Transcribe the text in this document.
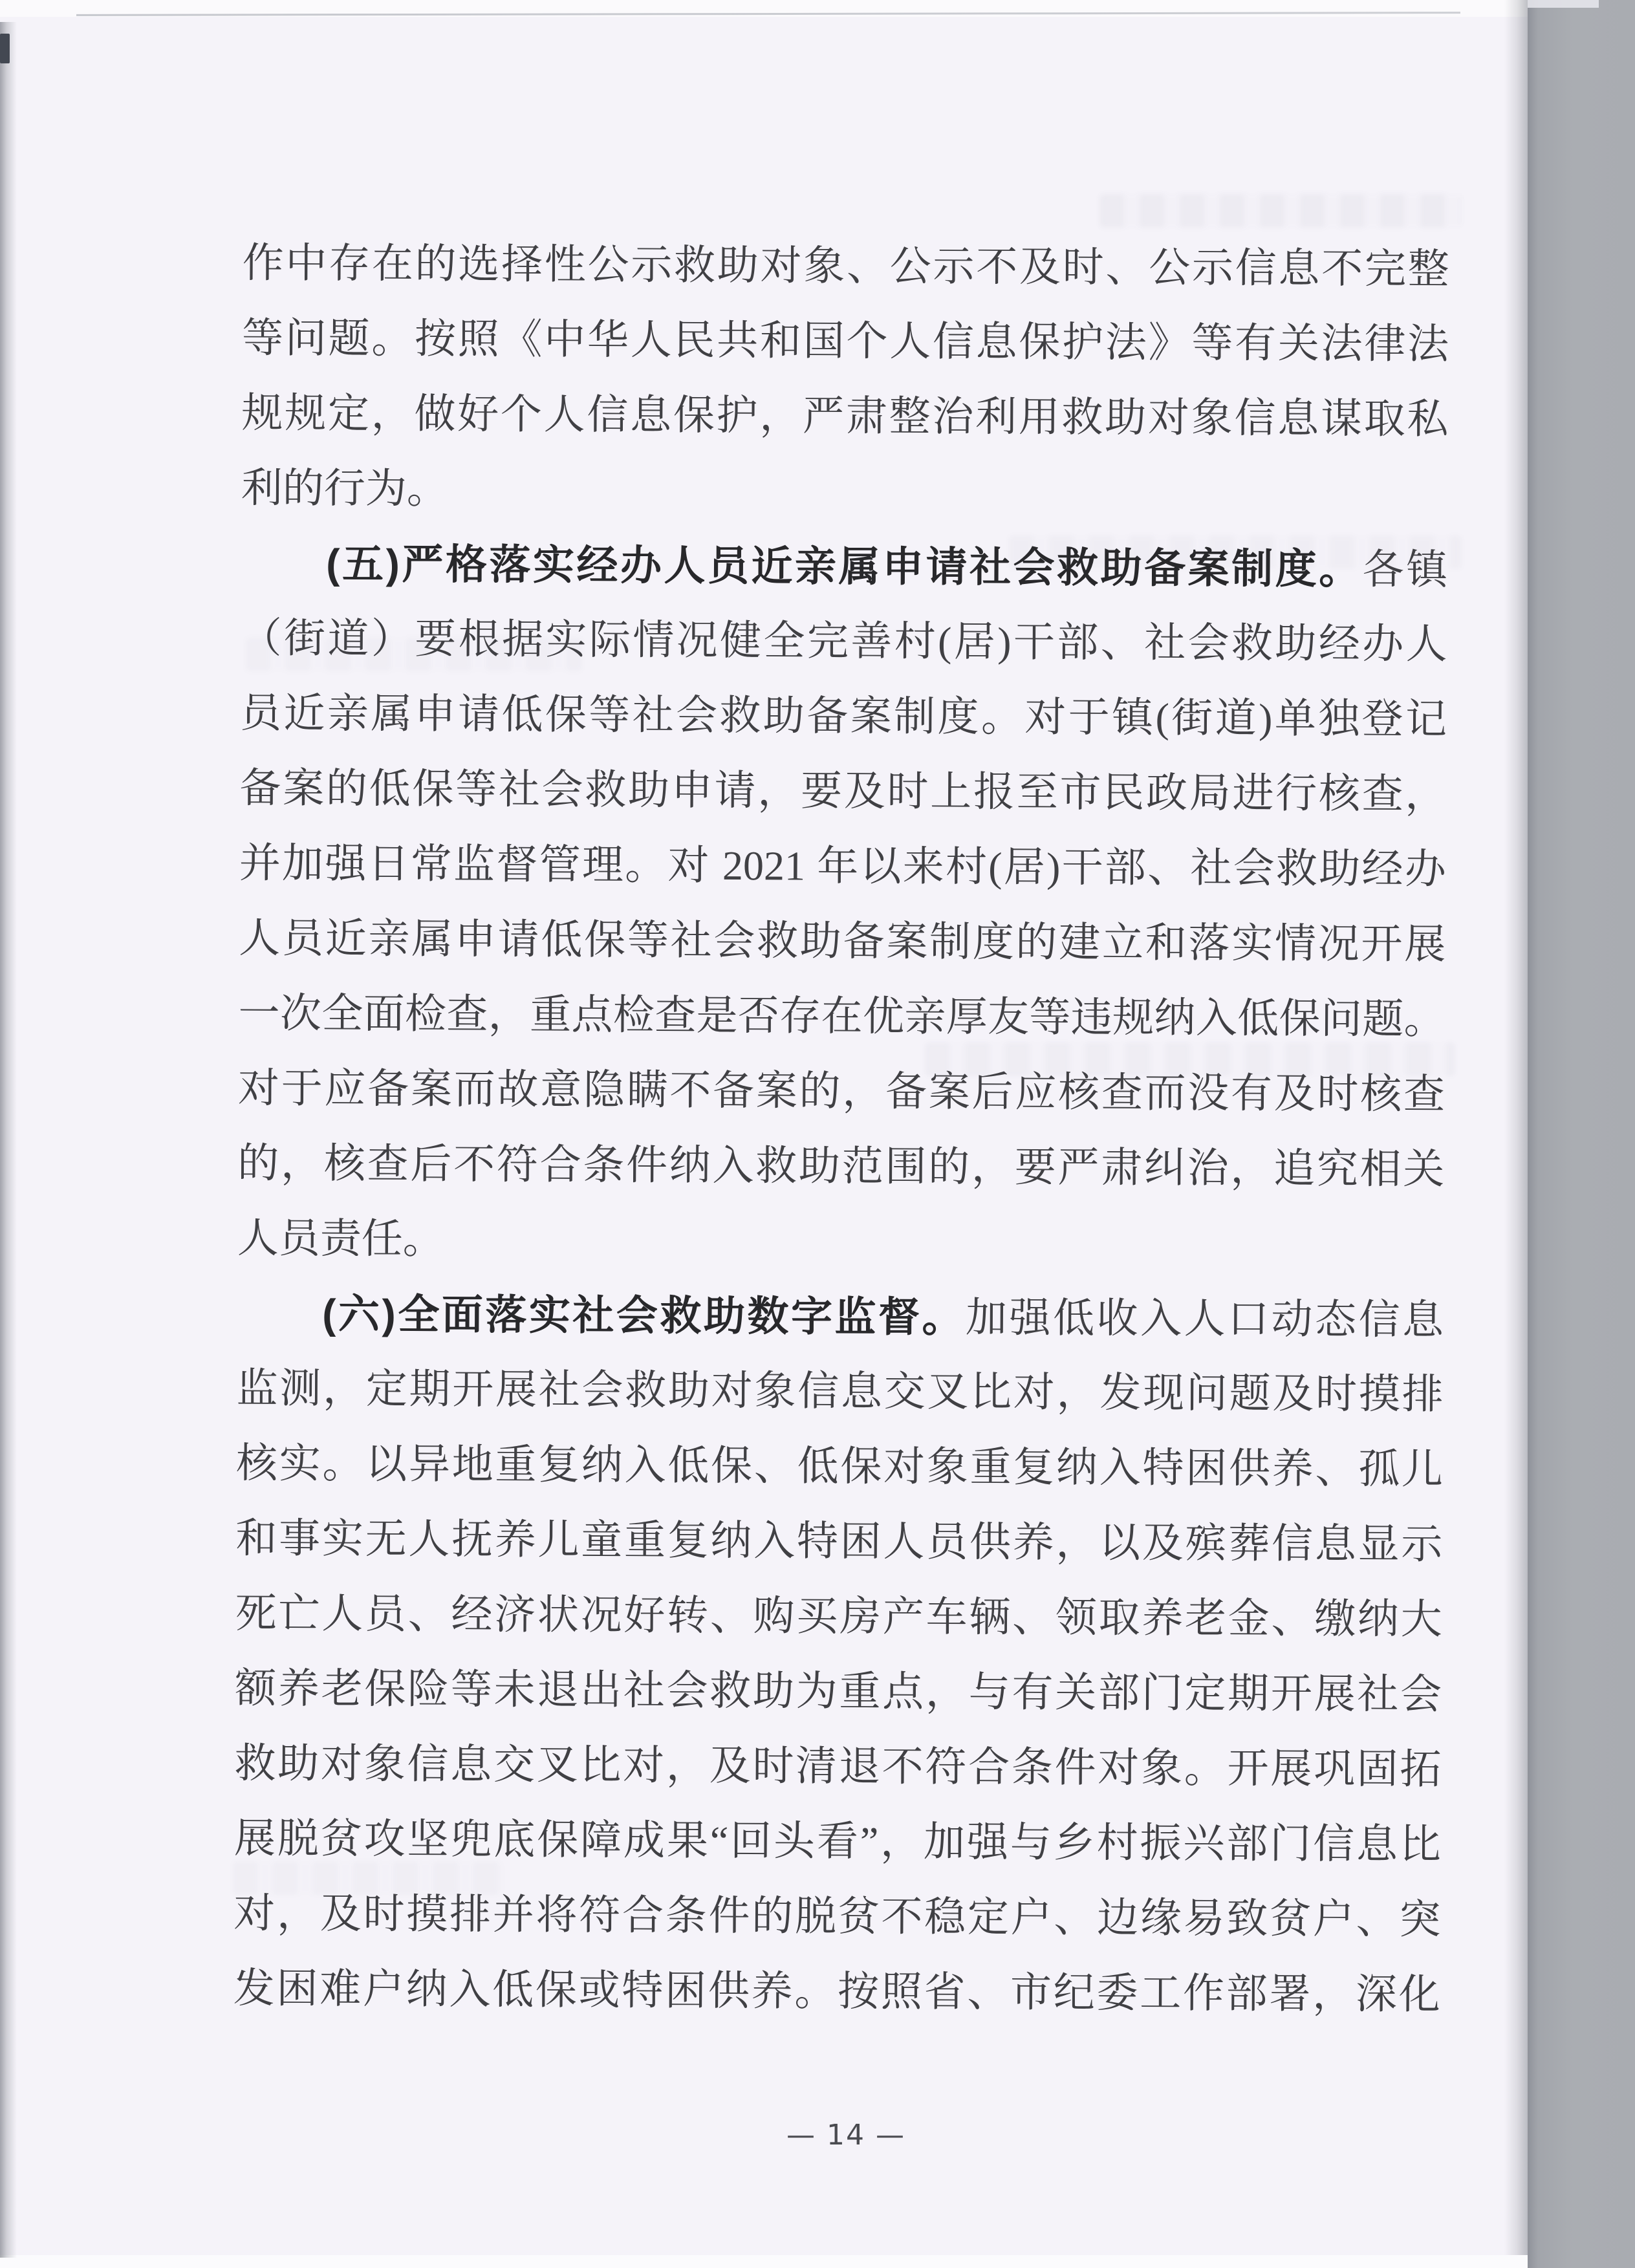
作中存在的选择性公示救助对象、公示不及时、公示信息不完整
等问题。按照《中华人民共和国个人信息保护法》等有关法律法
规规定，做好个人信息保护，严肃整治利用救助对象信息谋取私
利的行为。
(五)严格落实经办人员近亲属申请社会救助备案制度。各镇
（街道）要根据实际情况健全完善村(居)干部、社会救助经办人
员近亲属申请低保等社会救助备案制度。对于镇(街道)单独登记
备案的低保等社会救助申请，要及时上报至市民政局进行核查，
并加强日常监督管理。对 2021 年以来村(居)干部、社会救助经办
人员近亲属申请低保等社会救助备案制度的建立和落实情况开展
一次全面检查，重点检查是否存在优亲厚友等违规纳入低保问题。
对于应备案而故意隐瞒不备案的，备案后应核查而没有及时核查
的，核查后不符合条件纳入救助范围的，要严肃纠治，追究相关
人员责任。
(六)全面落实社会救助数字监督。加强低收入人口动态信息
监测，定期开展社会救助对象信息交叉比对，发现问题及时摸排
核实。以异地重复纳入低保、低保对象重复纳入特困供养、孤儿
和事实无人抚养儿童重复纳入特困人员供养，以及殡葬信息显示
死亡人员、经济状况好转、购买房产车辆、领取养老金、缴纳大
额养老保险等未退出社会救助为重点，与有关部门定期开展社会
救助对象信息交叉比对，及时清退不符合条件对象。开展巩固拓
展脱贫攻坚兜底保障成果“回头看”，加强与乡村振兴部门信息比
对，及时摸排并将符合条件的脱贫不稳定户、边缘易致贫户、突
发困难户纳入低保或特困供养。按照省、市纪委工作部署，深化
— 14 —
